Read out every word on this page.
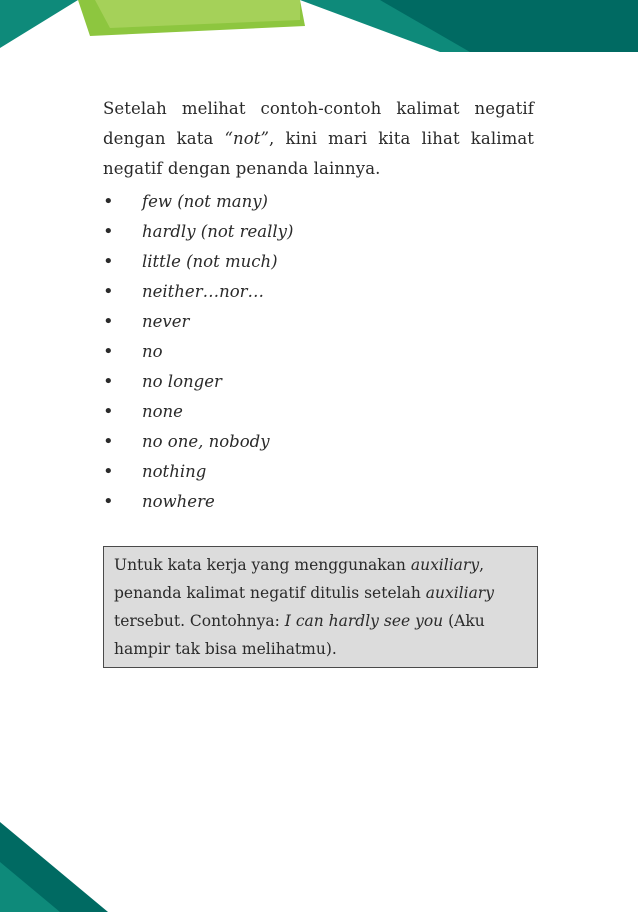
Setelah melihat contoh-contoh kalimat negatif dengan kata “not”, kini mari kita lihat kalimat negatif dengan penanda lainnya.

• few (not many)
• hardly (not really)
• little (not much)
• neither…nor…
• never
• no
• no longer
• none
• no one, nobody
• nothing
• nowhere
Untuk kata kerja yang menggunakan auxiliary, penanda kalimat negatif ditulis setelah auxiliary tersebut. Contohnya: I can hardly see you (Aku hampir tak bisa melihatmu).
